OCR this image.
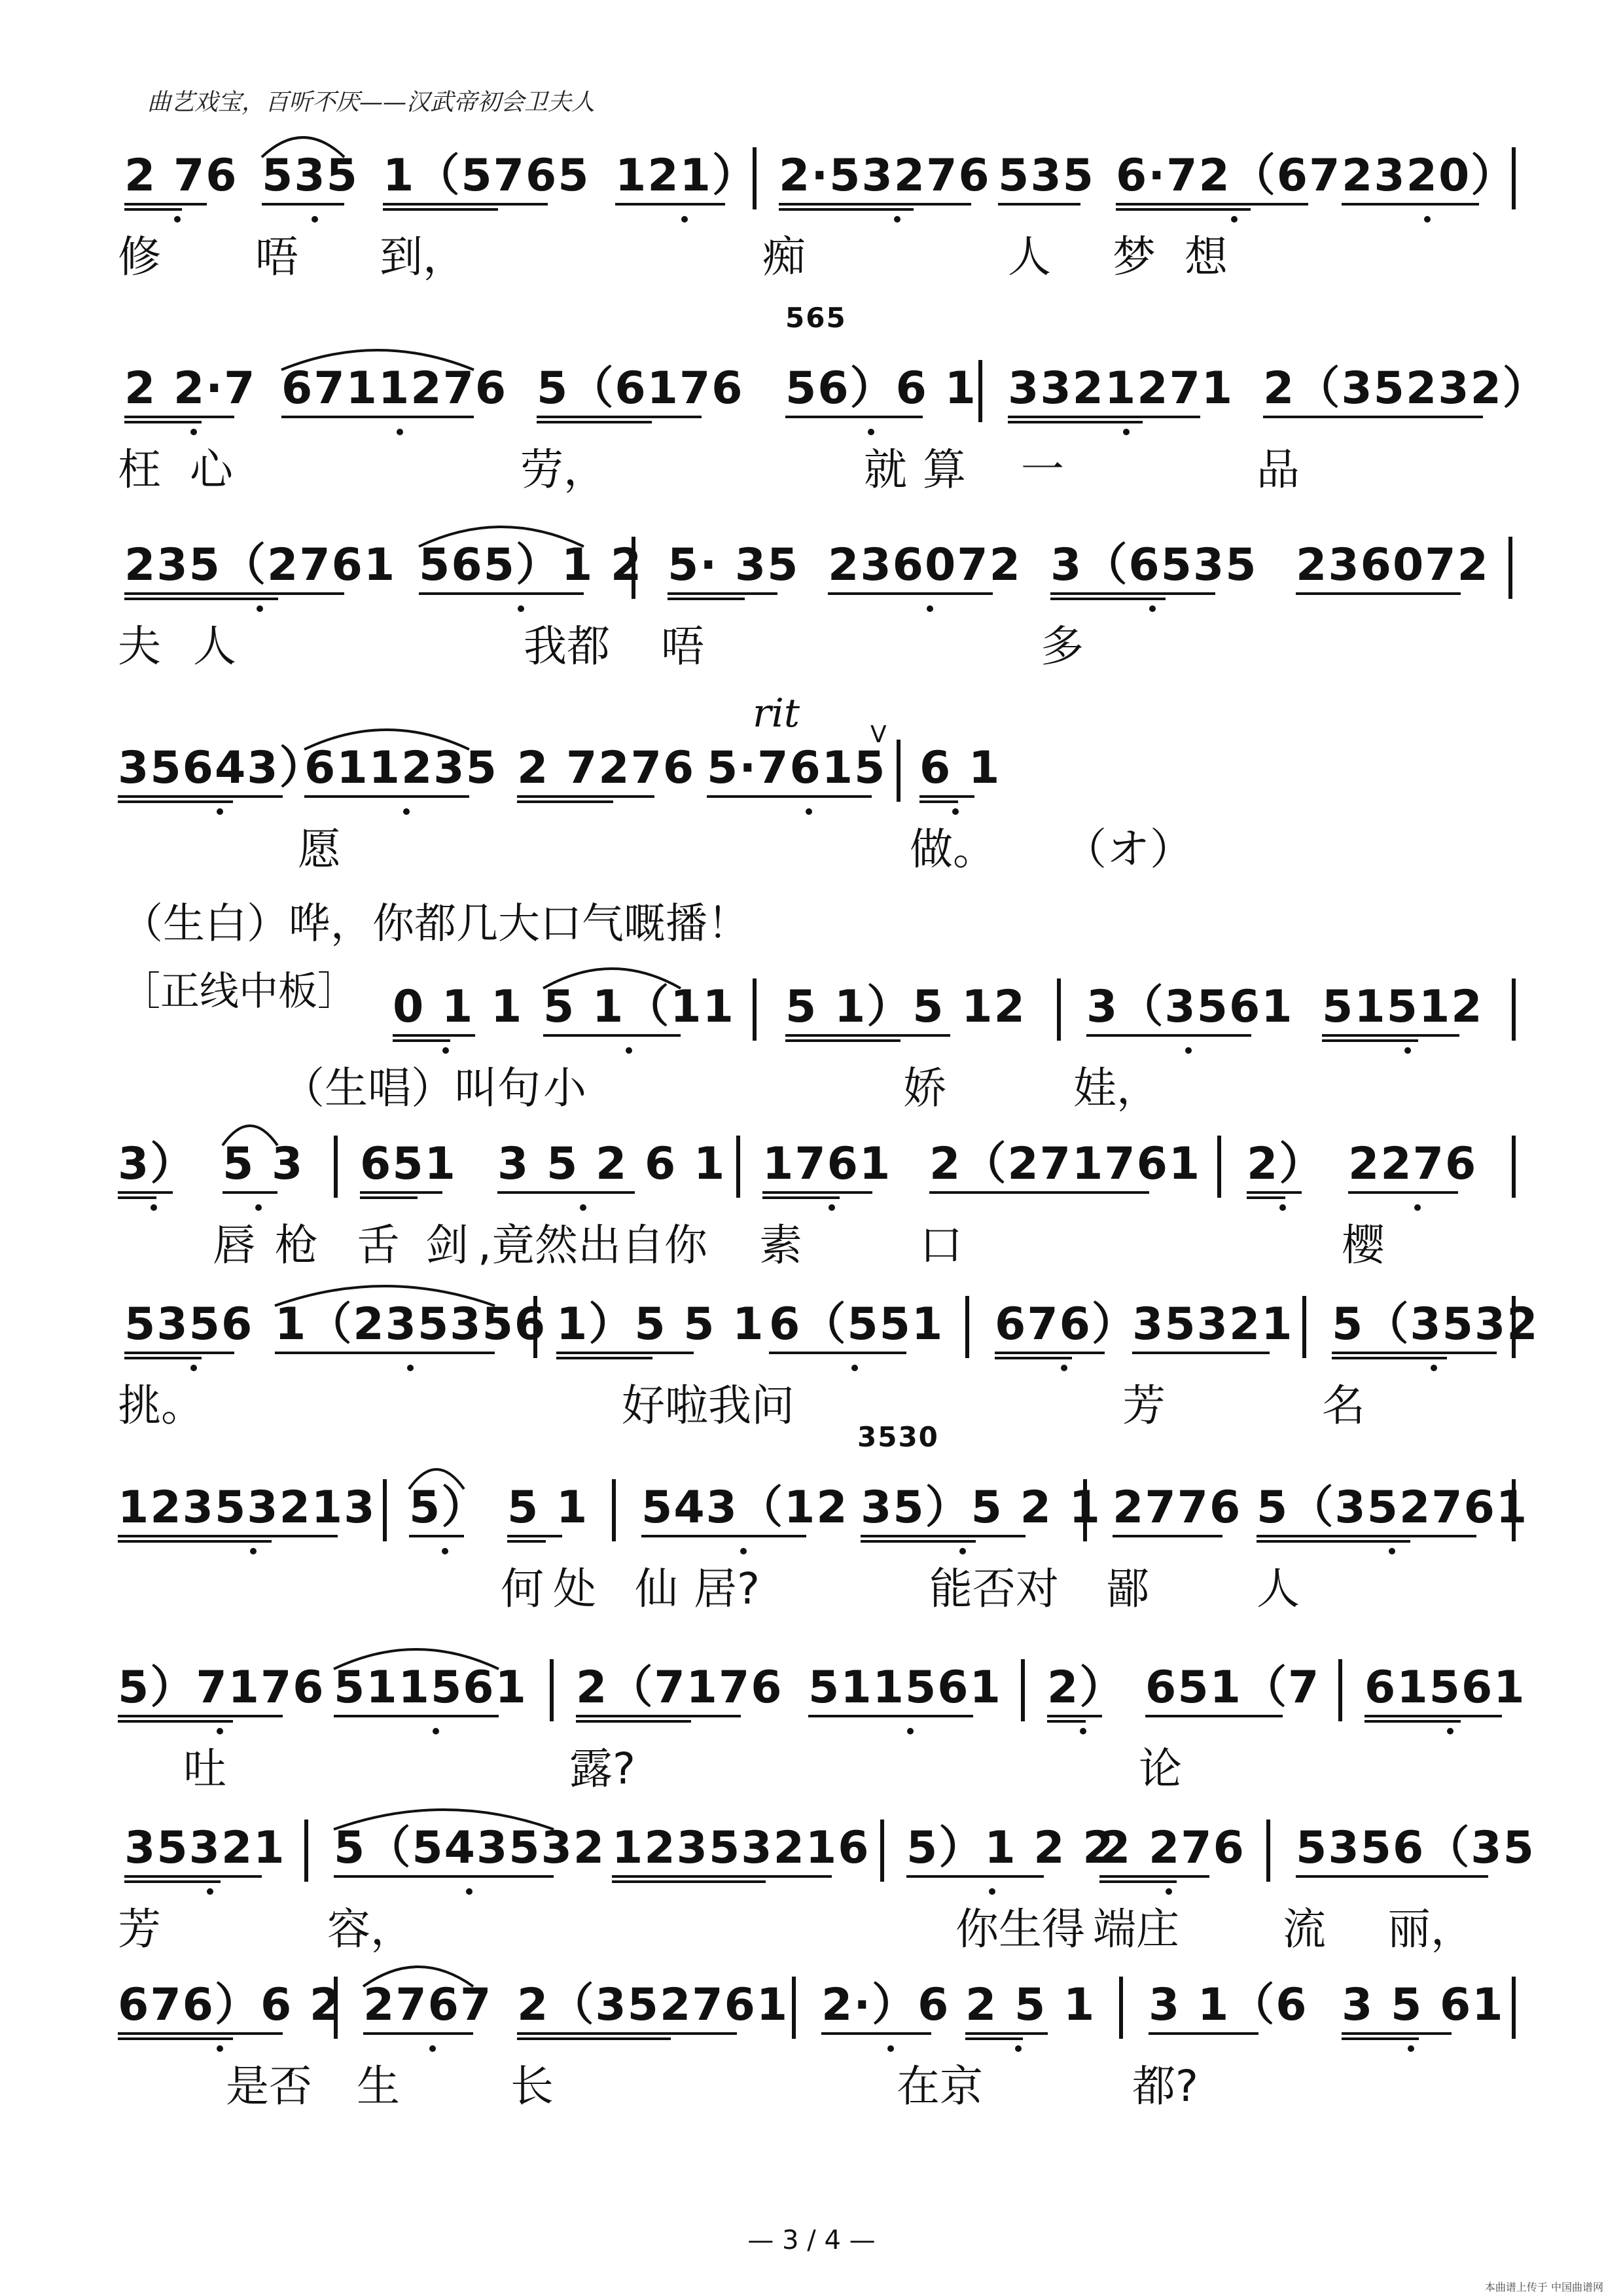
曲艺戏宝，百听不厌——汉武帝初会卫夫人
2 76 535 1（5765 121） 2·53276 535 6·72（67 2320）
修 唔 到，	痴	人 梦 想
2 2·7 6711276 5（6176 56）6 1 3321271 2（35232）
565
枉 心	劳，	就 算 一	品
235（2761 565）1 2 5· 35 236072 3（6535 236072
夫 人	我都 唔	多
35643）
611235 2 7276 5·7615 6 1
rit	V
愿	做。 （オ）
0 1 1 5 1（11 5 1）5 12 3（3561 51512
（生唱）叫句 小	娇	娃，
3） 5 3 651 3 5 2 6 1 1761 2（271761 2） 2276
唇 枪 舌 剑 ,竟然出自你 素	口	樱
5356 1（235356 1）5 5 1 6（551 676）
35321 5（3532
挑。	好啦我问	芳	名
12353213 5） 5 1 543（12 35）5 2 1 2776 5（352761
3530
何 处 仙 居?	能否对 鄙 人
5）7176 511561 2（7176 511561 2） 651（7 61561
吐	露?	论
35321 5（543532 12353216 5）1 2 2
2 276 5356（35
芳	容，	你生得 端庄 流 丽，
676）6 2 2767 2（352761 2·）6 2 5 1 3 1（6 3 5 61
是否 生	长	在京	都?
（生白）哗，你都几大口气嘅播！
［正线中板］
— 3 / 4 —
本曲谱上传于 中国曲谱网
